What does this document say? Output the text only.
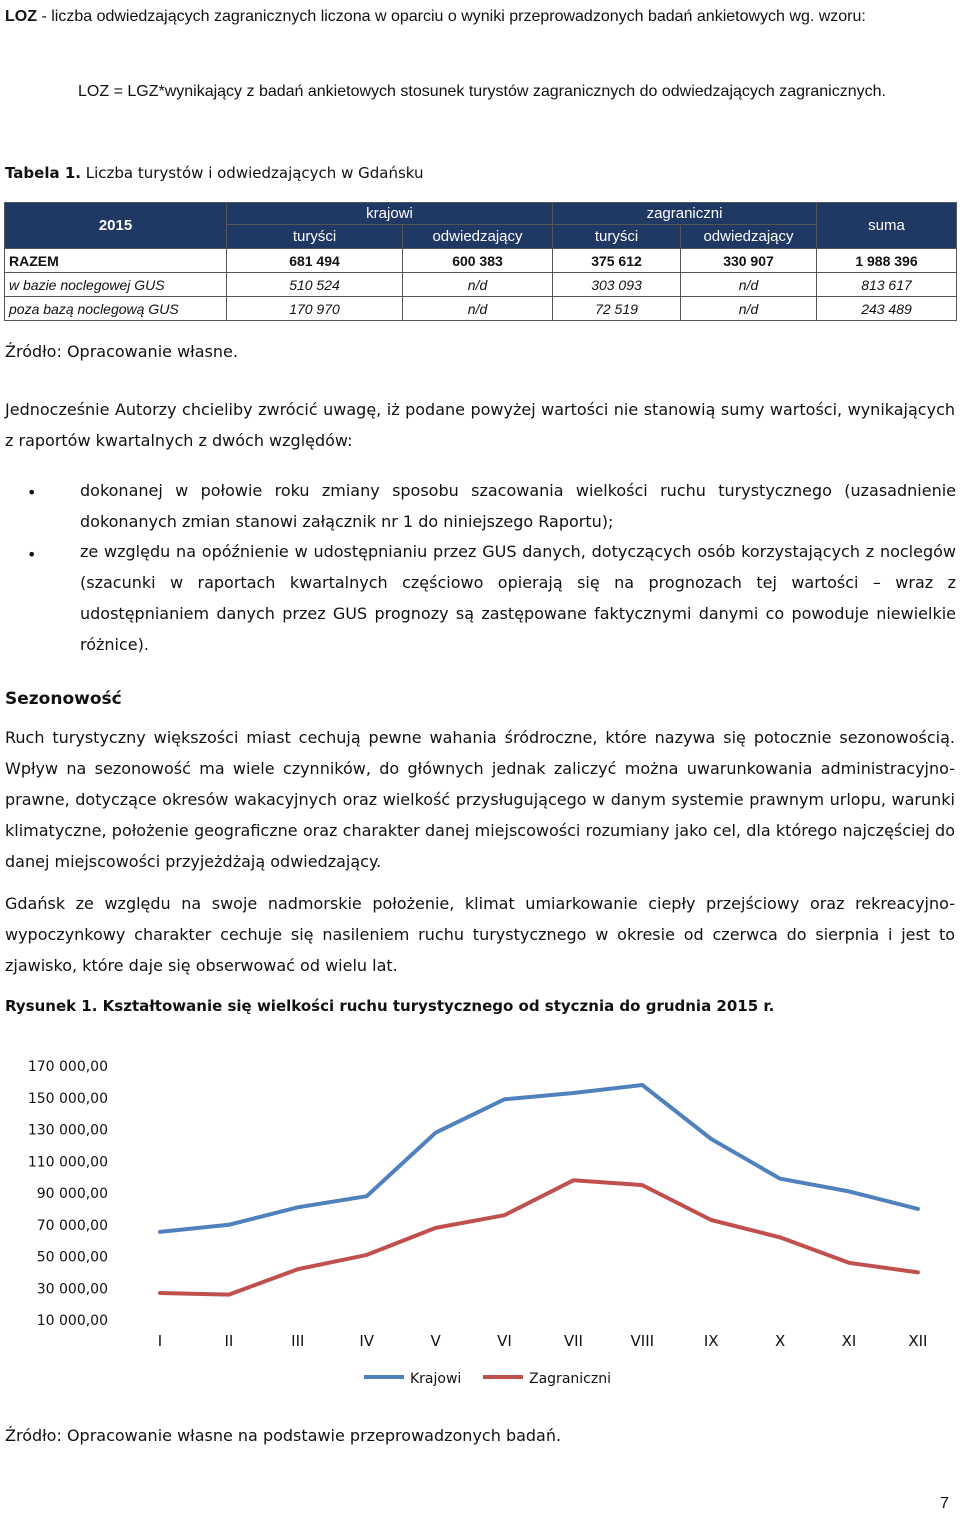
LOZ - liczba odwiedzających zagranicznych liczona w oparciu o wyniki przeprowadzonych badań ankietowych wg. wzoru:
LOZ = LGZ*wynikający z badań ankietowych stosunek turystów zagranicznych do odwiedzających zagranicznych.
Tabela 1. Liczba turystów i odwiedzających w Gdańsku
2015	krajowi		zagraniczni		suma
	turyści	odwiedzający	turyści	odwiedzający	
RAZEM	681 494	600 383	375 612	330 907	1 988 396
w bazie noclegowej GUS	510 524	n/d	303 093	n/d	813 617
poza bazą noclegową GUS	170 970	n/d	72 519	n/d	243 489
Źródło: Opracowanie własne.
Jednocześnie Autorzy chcieliby zwrócić uwagę, iż podane powyżej wartości nie stanowią sumy wartości, wynikających z raportów kwartalnych z dwóch względów:
•	dokonanej w połowie roku zmiany sposobu szacowania wielkości ruchu turystycznego (uzasadnienie dokonanych zmian stanowi załącznik nr 1 do niniejszego Raportu);
•	ze względu na opóźnienie w udostępnianiu przez GUS danych, dotyczących osób korzystających z noclegów (szacunki w raportach kwartalnych częściowo opierają się na prognozach tej wartości – wraz z udostępnianiem danych przez GUS prognozy są zastępowane faktycznymi danymi co powoduje niewielkie różnice).
Sezonowość
Ruch turystyczny większości miast cechują pewne wahania śródroczne, które nazywa się potocznie sezonowością. Wpływ na sezonowość ma wiele czynników, do głównych jednak zaliczyć można uwarunkowania administracyjno-prawne, dotyczące okresów wakacyjnych oraz wielkość przysługującego w danym systemie prawnym urlopu, warunki klimatyczne, położenie geograficzne oraz charakter danej miejscowości rozumiany jako cel, dla którego najczęściej do danej miejscowości przyjeżdżają odwiedzający.
Gdańsk ze względu na swoje nadmorskie położenie, klimat umiarkowanie ciepły przejściowy oraz rekreacyjno-wypoczynkowy charakter cechuje się nasileniem ruchu turystycznego w okresie od czerwca do sierpnia i jest to zjawisko, które daje się obserwować od wielu lat.
Rysunek 1. Kształtowanie się wielkości ruchu turystycznego od stycznia do grudnia 2015 r.
170 000,00
150 000,00
130 000,00
110 000,00
90 000,00
70 000,00
50 000,00
30 000,00
10 000,00
I	II	III	IV	V	VI	VII	VIII	IX	X	XI	XII
Krajowi	Zagraniczni
Źródło: Opracowanie własne na podstawie przeprowadzonych badań.
7
